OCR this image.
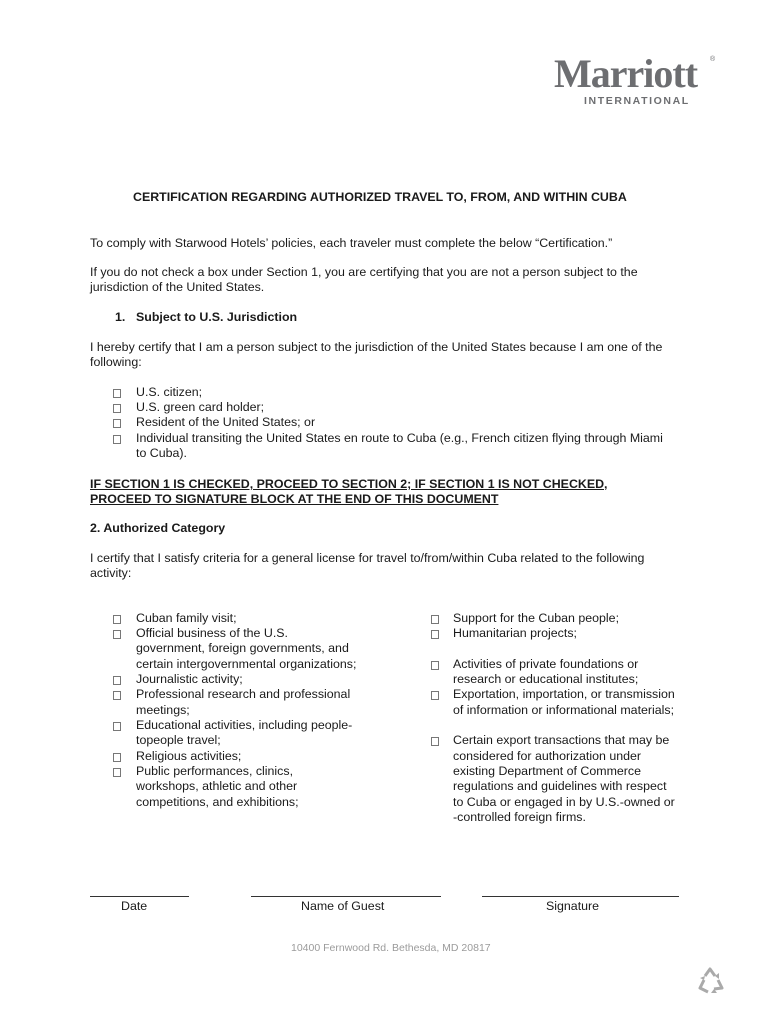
Marriott ®
INTERNATIONAL
CERTIFICATION REGARDING AUTHORIZED TRAVEL TO, FROM, AND WITHIN CUBA
To comply with Starwood Hotels’ policies, each traveler must complete the below “Certification.”
If you do not check a box under Section 1, you are certifying that you are not a person subject to the
jurisdiction of the United States.
1. Subject to U.S. Jurisdiction
I hereby certify that I am a person subject to the jurisdiction of the United States because I am one of the
following:
U.S. citizen;
U.S. green card holder;
Resident of the United States; or
Individual transiting the United States en route to Cuba (e.g., French citizen flying through Miami
to Cuba).
IF SECTION 1 IS CHECKED, PROCEED TO SECTION 2; IF SECTION 1 IS NOT CHECKED,
PROCEED TO SIGNATURE BLOCK AT THE END OF THIS DOCUMENT
2. Authorized Category
I certify that I satisfy criteria for a general license for travel to/from/within Cuba related to the following
activity:
Cuban family visit;
Official business of the U.S.
government, foreign governments, and
certain intergovernmental organizations;
Journalistic activity;
Professional research and professional
meetings;
Educational activities, including people-
topeople travel;
Religious activities;
Public performances, clinics,
workshops, athletic and other
competitions, and exhibitions;
Support for the Cuban people;
Humanitarian projects;
Activities of private foundations or
research or educational institutes;
Exportation, importation, or transmission
of information or informational materials;
Certain export transactions that may be
considered for authorization under
existing Department of Commerce
regulations and guidelines with respect
to Cuba or engaged in by U.S.-owned or
-controlled foreign firms.
Date	Name of Guest	Signature
10400 Fernwood Rd. Bethesda, MD 20817
